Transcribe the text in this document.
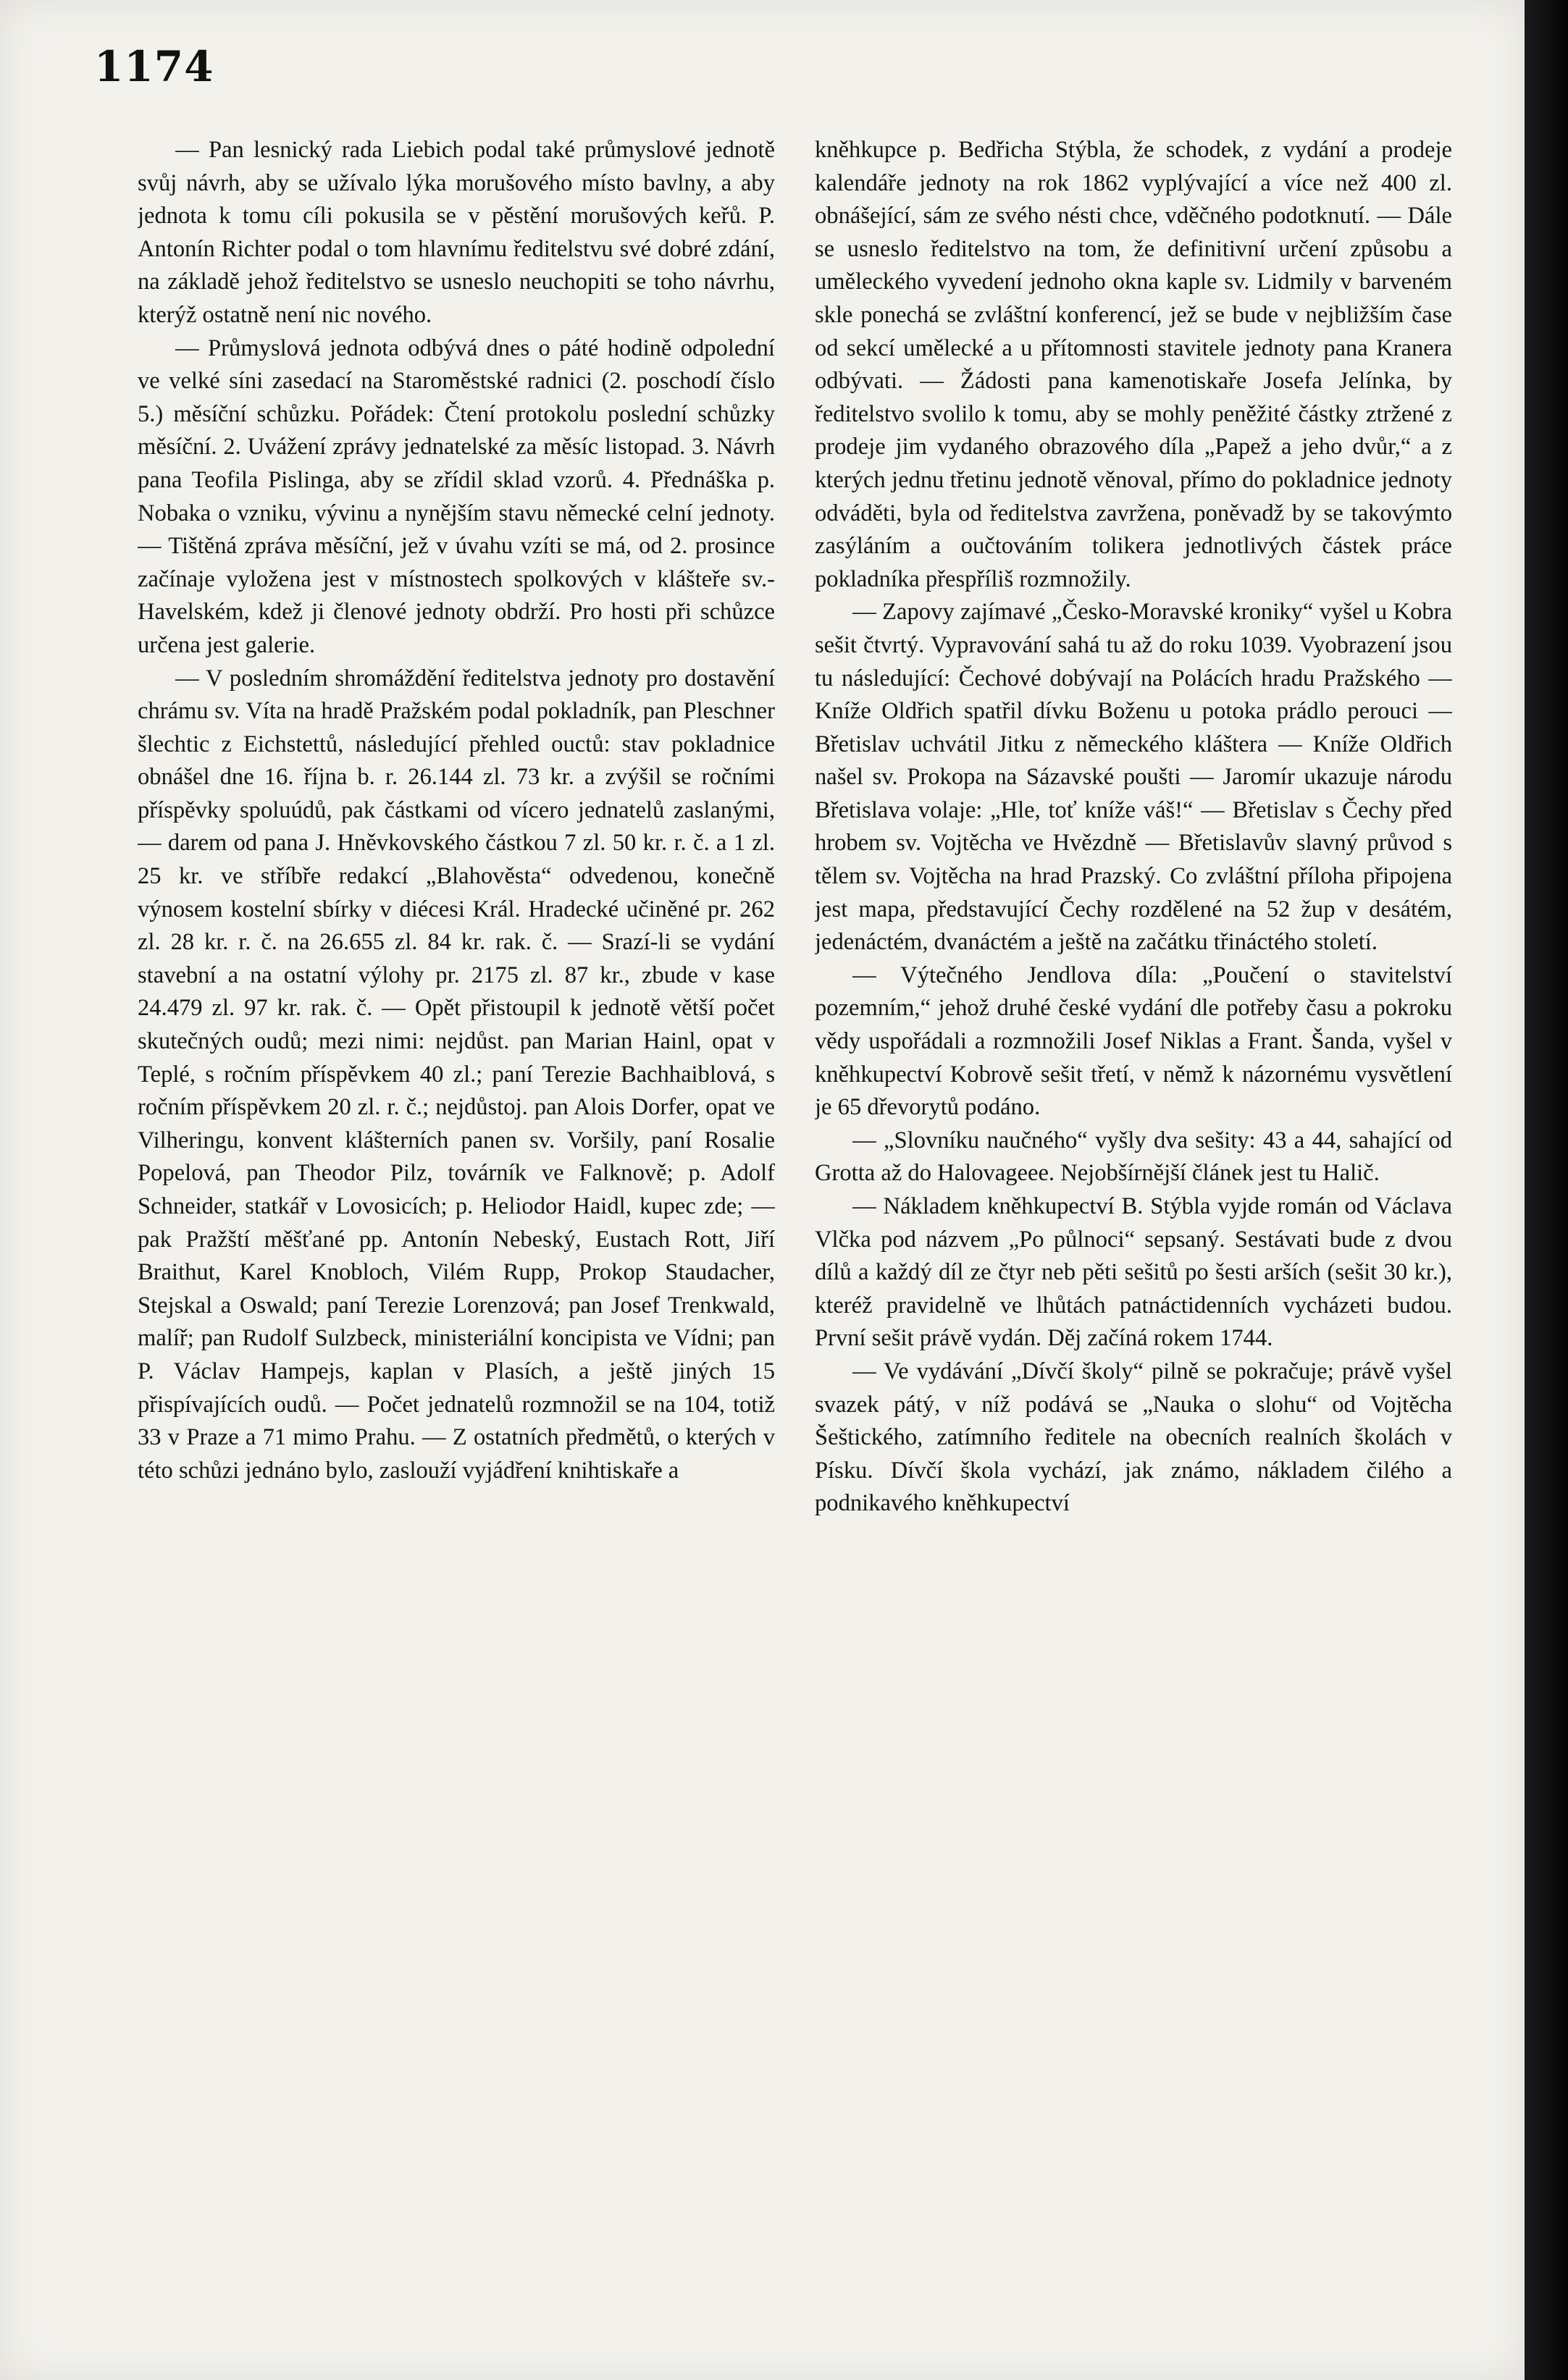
1174

— Pan lesnický rada Liebich podal také průmyslové jednotě svůj návrh, aby se užívalo lýka morušového místo bavlny, a aby jednota k tomu cíli pokusila se v pěstění morušových keřů. P. Antonín Richter podal o tom hlavnímu ředitelstvu své dobré zdání, na základě jehož ředitelstvo se usneslo neuchopiti se toho návrhu, kterýž ostatně není nic nového.

— Průmyslová jednota odbývá dnes o páté hodině odpolední ve velké síni zasedací na Staroměstské radnici (2. poschodí číslo 5.) měsíční schůzku. Pořádek: Čtení protokolu poslední schůzky měsíční. 2. Uvážení zprávy jednatelské za měsíc listopad. 3. Návrh pana Teofila Pislinga, aby se zřídil sklad vzorů. 4. Přednáška p. Nobaka o vzniku, vývinu a nynějším stavu německé celní jednoty. — Tištěná zpráva měsíční, jež v úvahu vzíti se má, od 2. prosince začínaje vyložena jest v místnostech spolkových v klášteře sv.-Havelském, kdež ji členové jednoty obdrží. Pro hosti při schůzce určena jest galerie.

— V posledním shromáždění ředitelstva jednoty pro dostavění chrámu sv. Víta na hradě Pražském podal pokladník, pan Pleschner šlechtic z Eichstettů, následující přehled ouctů: stav pokladnice obnášel dne 16. října b. r. 26.144 zl. 73 kr. a zvýšil se ročními příspěvky spoluúdů, pak částkami od vícero jednatelů zaslanými, — darem od pana J. Hněvkovského částkou 7 zl. 50 kr. r. č. a 1 zl. 25 kr. ve stříbře redakcí „Blahověsta“ odvedenou, konečně výnosem kostelní sbírky v diécesi Král. Hradecké učiněné pr. 262 zl. 28 kr. r. č. na 26.655 zl. 84 kr. rak. č. — Srazí-li se vydání stavební a na ostatní výlohy pr. 2175 zl. 87 kr., zbude v kase 24.479 zl. 97 kr. rak. č. — Opět přistoupil k jednotě větší počet skutečných oudů; mezi nimi: nejdůst. pan Marian Hainl, opat v Teplé, s ročním příspěvkem 40 zl.; paní Terezie Bachhaiblová, s ročním příspěvkem 20 zl. r. č.; nejdůstoj. pan Alois Dorfer, opat ve Vilheringu, konvent klášterních panen sv. Voršily, paní Rosalie Popelová, pan Theodor Pilz, továrník ve Falknově; p. Adolf Schneider, statkář v Lovosicích; p. Heliodor Haidl, kupec zde; — pak Pražští měšťané pp. Antonín Nebeský, Eustach Rott, Jiří Braithut, Karel Knobloch, Vilém Rupp, Prokop Staudacher, Stejskal a Oswald; paní Terezie Lorenzová; pan Josef Trenkwald, malíř; pan Rudolf Sulzbeck, ministeriální koncipista ve Vídni; pan P. Václav Hampejs, kaplan v Plasích, a ještě jiných 15 přispívajících oudů. — Počet jednatelů rozmnožil se na 104, totiž 33 v Praze a 71 mimo Prahu. — Z ostatních předmětů, o kterých v této schůzi jednáno bylo, zaslouží vyjádření knihtiskaře a

kněhkupce p. Bedřicha Stýbla, že schodek, z vydání a prodeje kalendáře jednoty na rok 1862 vyplývající a více než 400 zl. obnášející, sám ze svého nésti chce, vděčného podotknutí. — Dále se usneslo ředitelstvo na tom, že definitivní určení způsobu a uměleckého vyvedení jednoho okna kaple sv. Lidmily v barveném skle ponechá se zvláštní konferencí, jež se bude v nejbližším čase od sekcí umělecké a u přítomnosti stavitele jednoty pana Kranera odbývati. — Žádosti pana kamenotiskaře Josefa Jelínka, by ředitelstvo svolilo k tomu, aby se mohly peněžité částky ztržené z prodeje jim vydaného obrazového díla „Papež a jeho dvůr,“ a z kterých jednu třetinu jednotě věnoval, přímo do pokladnice jednoty odváděti, byla od ředitelstva zavržena, poněvadž by se takovýmto zasýláním a oučtováním tolikera jednotlivých částek práce pokladníka přespříliš rozmnožily.

— Zapovy zajímavé „Česko-Moravské kroniky“ vyšel u Kobra sešit čtvrtý. Vypravování sahá tu až do roku 1039. Vyobrazení jsou tu následující: Čechové dobývají na Polácích hradu Pražského — Kníže Oldřich spatřil dívku Boženu u potoka prádlo perouci — Břetislav uchvátil Jitku z německého kláštera — Kníže Oldřich našel sv. Prokopa na Sázavské poušti — Jaromír ukazuje národu Břetislava volaje: „Hle, toť kníže váš!“ — Břetislav s Čechy před hrobem sv. Vojtěcha ve Hvězdně — Břetislavův slavný průvod s tělem sv. Vojtěcha na hrad Prazský. Co zvláštní příloha připojena jest mapa, představující Čechy rozdělené na 52 žup v desátém, jedenáctém, dvanáctém a ještě na začátku třináctého století.

— Výtečného Jendlova díla: „Poučení o stavitelství pozemním,“ jehož druhé české vydání dle potřeby času a pokroku vědy uspořádali a rozmnožili Josef Niklas a Frant. Šanda, vyšel v kněhkupectví Kobrově sešit třetí, v němž k názornému vysvětlení je 65 dřevorytů podáno.

— „Slovníku naučného“ vyšly dva sešity: 43 a 44, sahající od Grotta až do Halovageee. Nejobšírnější článek jest tu Halič.

— Nákladem kněhkupectví B. Stýbla vyjde román od Václava Vlčka pod názvem „Po půlnoci“ sepsaný. Sestávati bude z dvou dílů a každý díl ze čtyr neb pěti sešitů po šesti arších (sešit 30 kr.), kteréž pravidelně ve lhůtách patnáctidenních vycházeti budou. První sešit právě vydán. Děj začíná rokem 1744.

— Ve vydávání „Dívčí školy“ pilně se pokračuje; právě vyšel svazek pátý, v níž podává se „Nauka o slohu“ od Vojtěcha Šeštického, zatímního ředitele na obecních realních školách v Písku. Dívčí škola vychází, jak známo, nákladem čilého a podnikavého kněhkupectví
